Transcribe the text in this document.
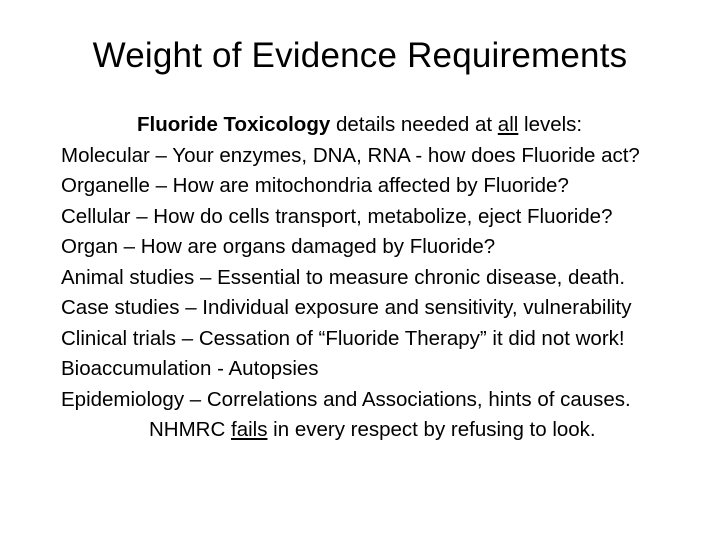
Weight of Evidence Requirements
Fluoride Toxicology details needed at all levels:
Molecular – Your enzymes, DNA, RNA - how does Fluoride act?
Organelle – How are mitochondria affected by Fluoride?
Cellular – How do cells transport, metabolize, eject Fluoride?
Organ – How are organs damaged by Fluoride?
Animal studies – Essential to measure chronic disease, death.
Case studies – Individual exposure and sensitivity, vulnerability
Clinical trials – Cessation of “Fluoride Therapy” it did not work!
Bioaccumulation - Autopsies
Epidemiology – Correlations and Associations, hints of causes.
NHMRC fails in every respect by refusing to look.
